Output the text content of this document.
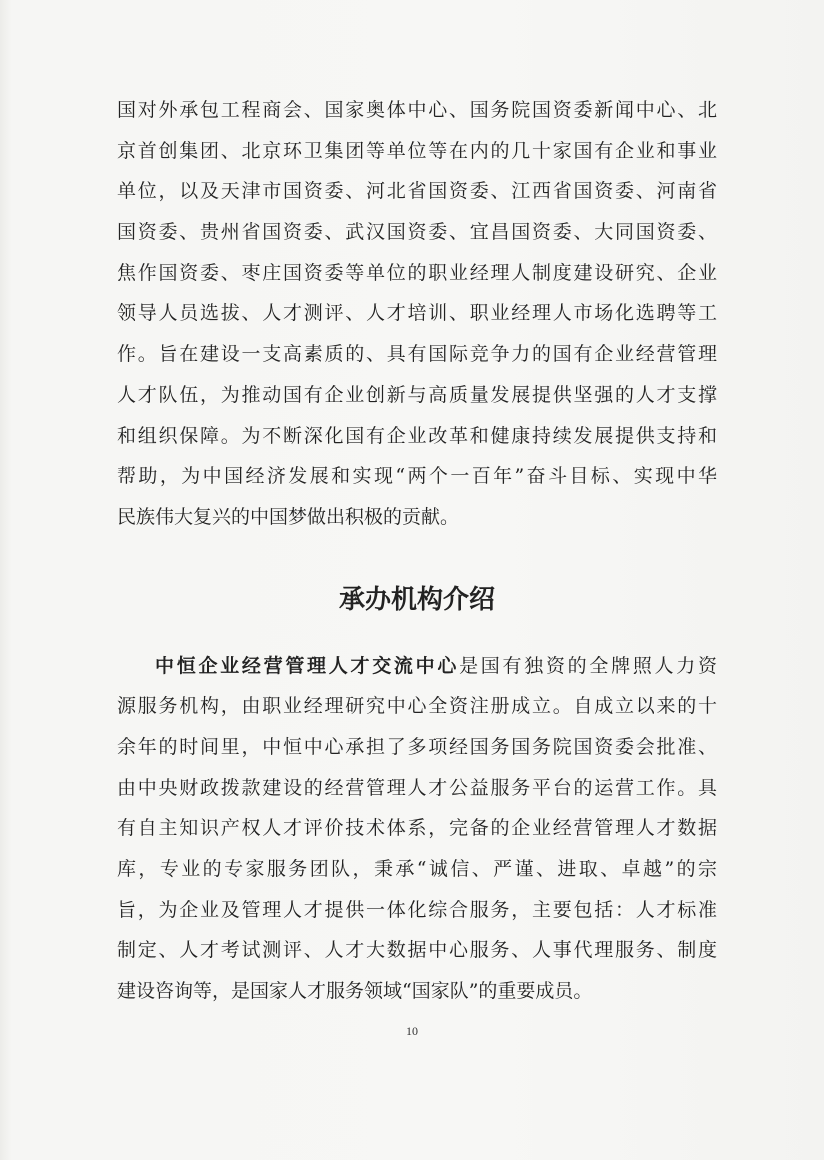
国对外承包工程商会、国家奥体中心、国务院国资委新闻中心、北
京首创集团、北京环卫集团等单位等在内的几十家国有企业和事业
单位，以及天津市国资委、河北省国资委、江西省国资委、河南省
国资委、贵州省国资委、武汉国资委、宜昌国资委、大同国资委、
焦作国资委、枣庄国资委等单位的职业经理人制度建设研究、企业
领导人员选拔、人才测评、人才培训、职业经理人市场化选聘等工
作。旨在建设一支高素质的、具有国际竞争力的国有企业经营管理
人才队伍，为推动国有企业创新与高质量发展提供坚强的人才支撑
和组织保障。为不断深化国有企业改革和健康持续发展提供支持和
帮助，为中国经济发展和实现“两个一百年”奋斗目标、实现中华
民族伟大复兴的中国梦做出积极的贡献。
承办机构介绍
中恒企业经营管理人才交流中心是国有独资的全牌照人力资
源服务机构，由职业经理研究中心全资注册成立。自成立以来的十
余年的时间里，中恒中心承担了多项经国务国务院国资委会批准、
由中央财政拨款建设的经营管理人才公益服务平台的运营工作。具
有自主知识产权人才评价技术体系，完备的企业经营管理人才数据
库，专业的专家服务团队，秉承“诚信、严谨、进取、卓越”的宗
旨，为企业及管理人才提供一体化综合服务，主要包括：人才标准
制定、人才考试测评、人才大数据中心服务、人事代理服务、制度
建设咨询等，是国家人才服务领域“国家队”的重要成员。
10
